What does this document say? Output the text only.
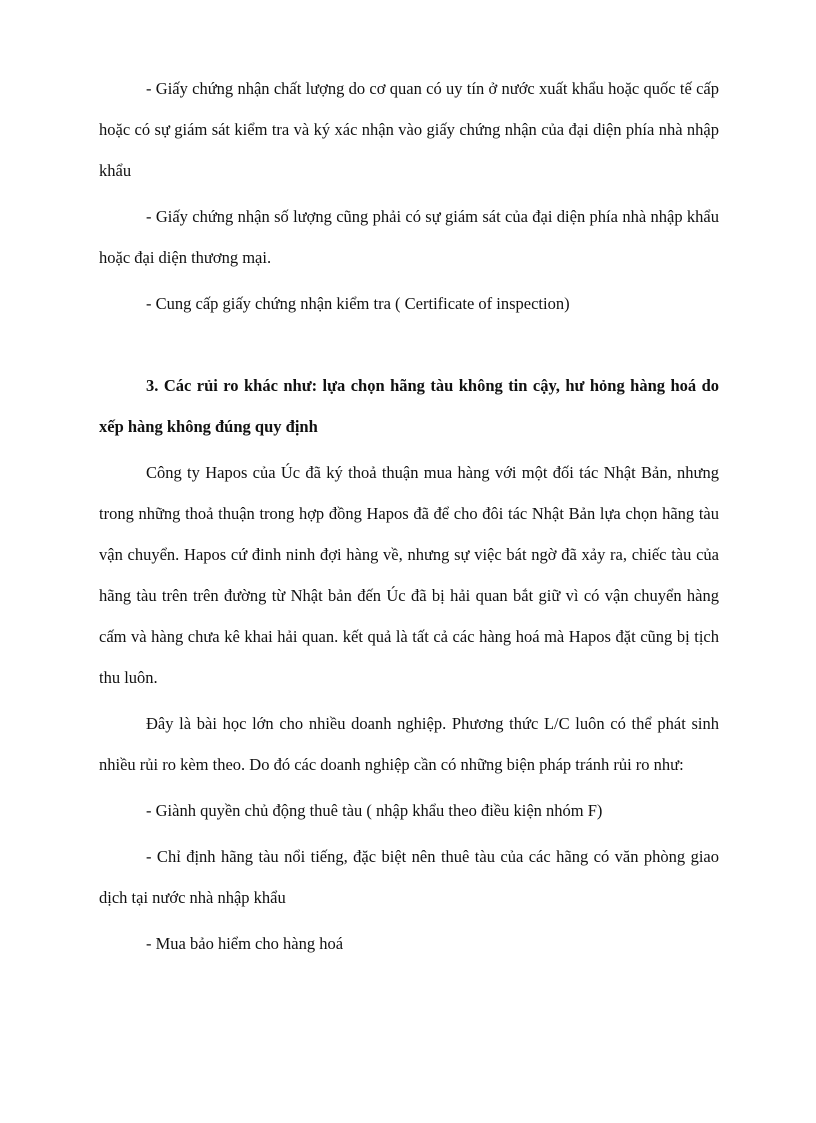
- Giấy chứng nhận chất lượng do cơ quan có uy tín ở nước xuất khẩu hoặc quốc tế cấp hoặc có sự giám sát kiểm tra và ký xác nhận vào giấy chứng nhận của đại diện phía nhà nhập khẩu

- Giấy chứng nhận số lượng cũng phải có sự giám sát của đại diện phía nhà nhập khẩu hoặc đại diện thương mại.

- Cung cấp giấy chứng nhận kiểm tra ( Certificate of inspection)

3. Các rủi ro khác như: lựa chọn hãng tàu không tin cậy, hư hỏng hàng hoá do xếp hàng không đúng quy định

Công ty Hapos của Úc đã ký thoả thuận mua hàng với một đối tác Nhật Bản, nhưng trong những thoả thuận trong hợp đồng Hapos đã để cho đôi tác Nhật Bản lựa chọn hãng tàu vận chuyển. Hapos cứ đinh ninh đợi hàng về, nhưng sự việc bát ngờ đã xảy ra, chiếc tàu của hãng tàu trên trên đường từ Nhật bản đến Úc đã bị hải quan bắt giữ vì có vận chuyển hàng cấm và hàng chưa kê khai hải quan. kết quả là tất cả các hàng hoá mà Hapos đặt cũng bị tịch thu luôn.

Đây là bài học lớn cho nhiều doanh nghiệp. Phương thức L/C luôn có thể phát sinh nhiều rủi ro kèm theo. Do đó các doanh nghiệp cần có những biện pháp tránh rủi ro như:

- Giành quyền chủ động thuê tàu ( nhập khẩu theo điều kiện nhóm F)

- Chỉ định hãng tàu nổi tiếng, đặc biệt nên thuê tàu của các hãng có văn phòng giao dịch tại nước nhà nhập khẩu

- Mua bảo hiểm cho hàng hoá
